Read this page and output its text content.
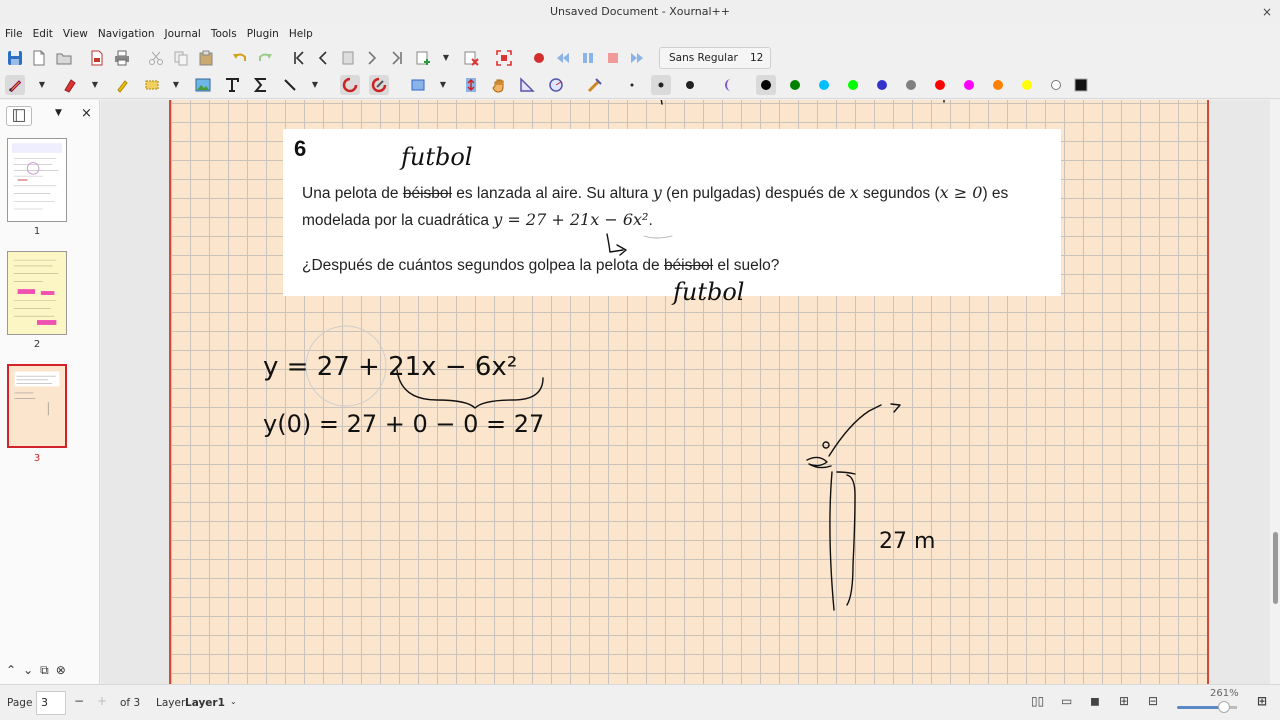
Unsaved Document - Xournal++	×
File Edit View Navigation Journal Tools Plugin Help
▼	Sans Regular 12
▼	▼	▼	▼	▼
▼ ×
1
2
3
⌃ ⌄ ⧉ ⊗
6
Una pelota de béisbol es lanzada al aire. Su altura y (en pulgadas) después de x segundos (x ≥ 0) es
modelada por la cuadrática y = 27 + 21x − 6x².
¿Después de cuántos segundos golpea la pelota de béisbol el suelo?
futbol
futbol
y = 27 + 21x − 6x²
y(0) = 27 + 0 − 0 = 27
27 m
Page 3	− + of 3 Layer Layer1 ⌄	▯▯ ▭ ◼ ⊞ ⊟
261%
⊞
